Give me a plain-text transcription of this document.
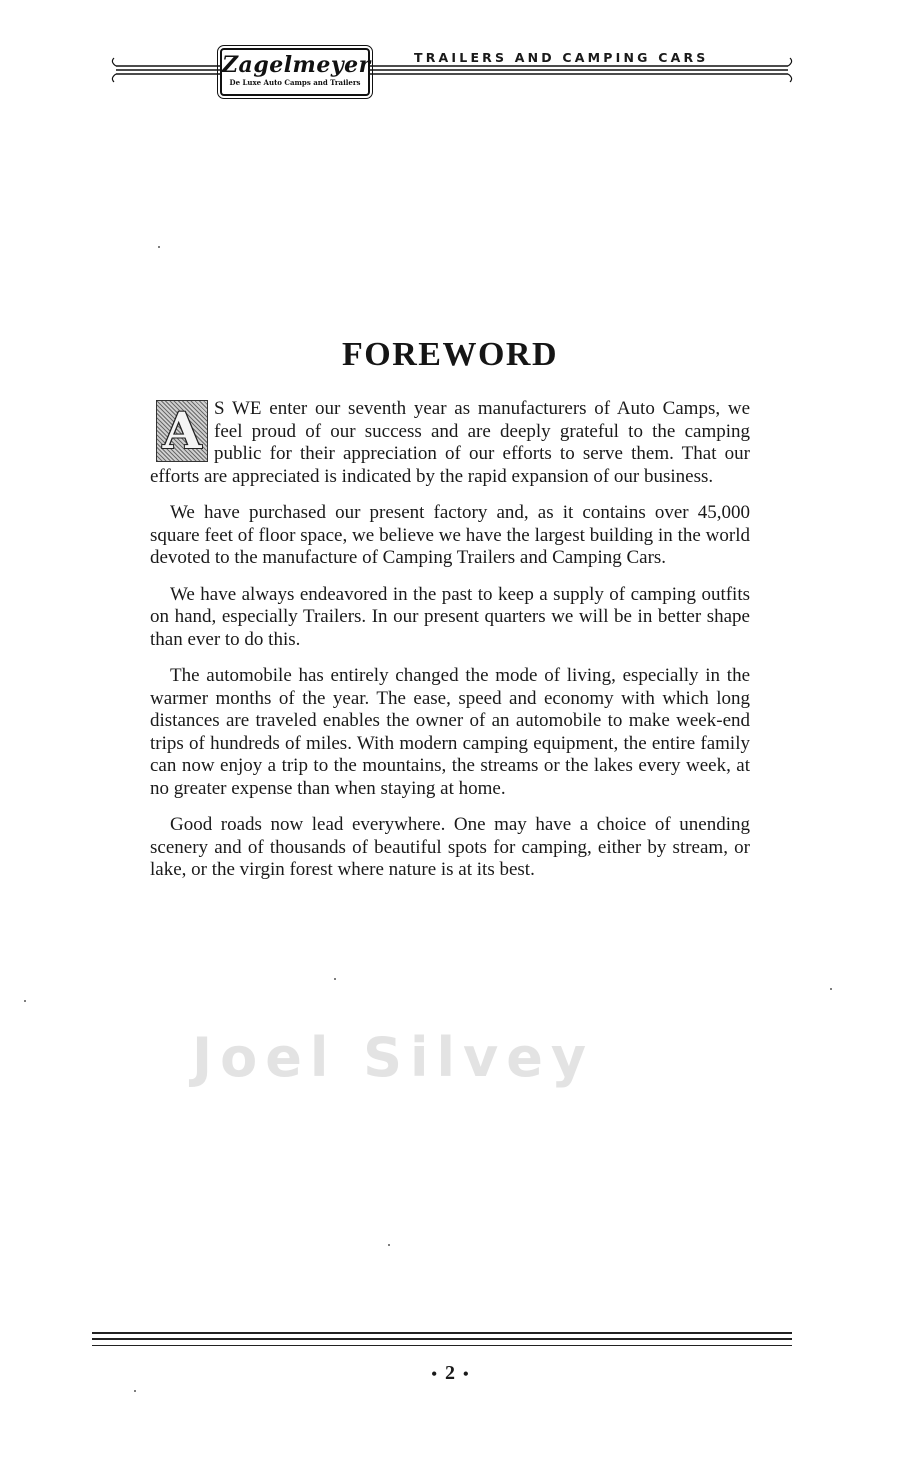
Zagelmeyer
De Luxe Auto Camps and Trailers
TRAILERS AND CAMPING CARS
FOREWORD

A S WE enter our seventh year as manufacturers of Auto Camps, we feel proud of our success and are deeply grateful to the camping public for their appreciation of our efforts to serve them. That our efforts are appreciated is indicated by the rapid expansion of our business.

We have purchased our present factory and, as it contains over 45,000 square feet of floor space, we believe we have the largest building in the world devoted to the manufacture of Camping Trailers and Camping Cars.

We have always endeavored in the past to keep a supply of camping outfits on hand, especially Trailers. In our present quarters we will be in better shape than ever to do this.

The automobile has entirely changed the mode of living, especially in the warmer months of the year. The ease, speed and economy with which long distances are traveled enables the owner of an automobile to make week-end trips of hundreds of miles. With modern camping equipment, the entire family can now enjoy a trip to the mountains, the streams or the lakes every week, at no greater expense than when staying at home.

Good roads now lead everywhere. One may have a choice of unending scenery and of thousands of beautiful spots for camping, either by stream, or lake, or the virgin forest where nature is at its best.

Joel Silvey
• 2 •
